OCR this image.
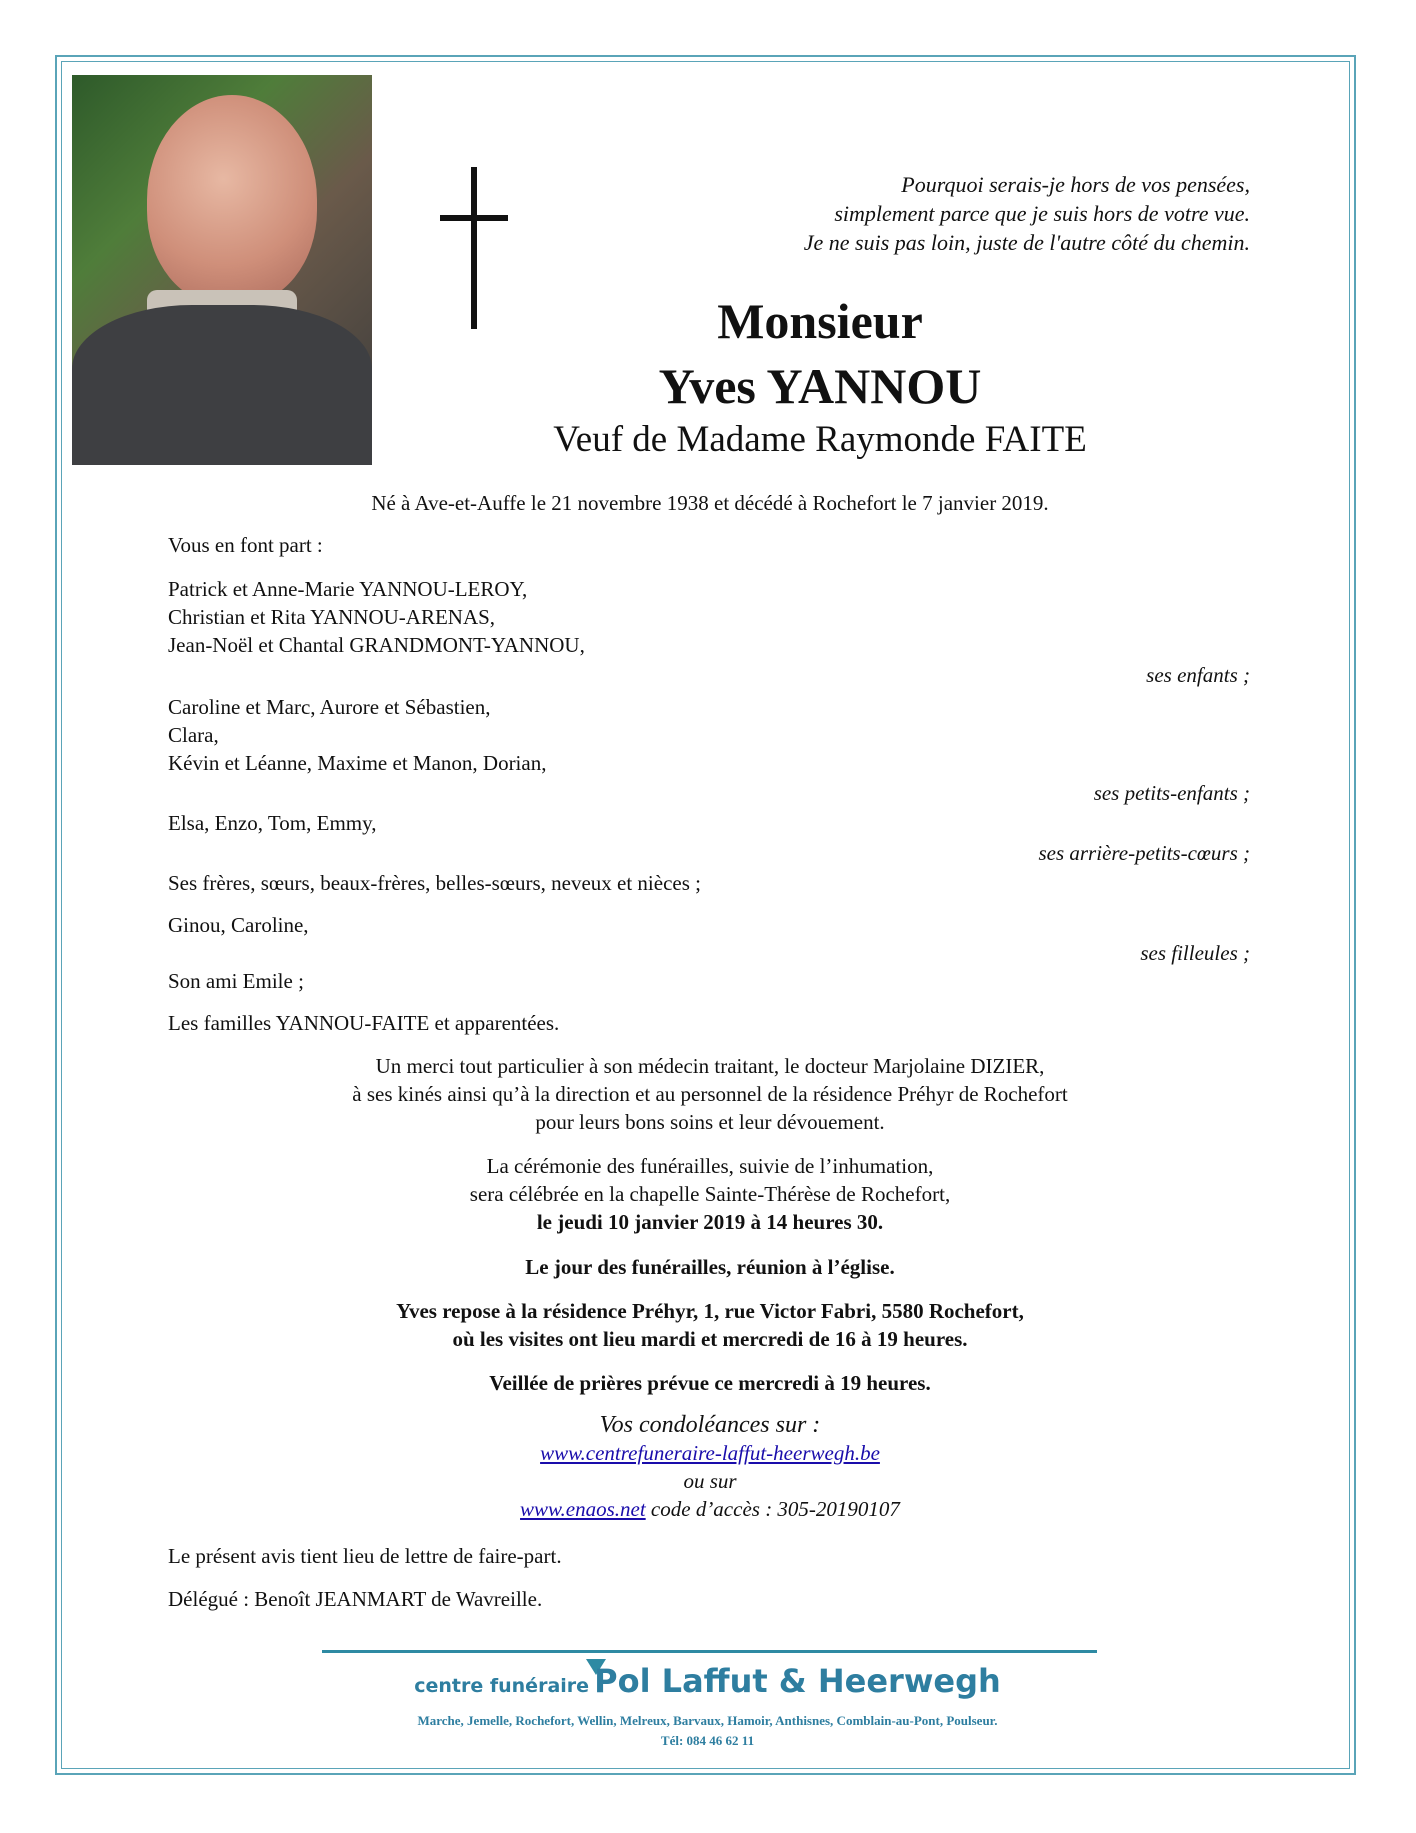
Pourquoi serais-je hors de vos pensées,
simplement parce que je suis hors de votre vue.
Je ne suis pas loin, juste de l'autre côté du chemin.
Monsieur
Yves YANNOU
Veuf de Madame Raymonde FAITE
Né à Ave-et-Auffe le 21 novembre 1938 et décédé à Rochefort le 7 janvier 2019.
Vous en font part :
Patrick et Anne-Marie YANNOU-LEROY,
Christian et Rita YANNOU-ARENAS,
Jean-Noël et Chantal GRANDMONT-YANNOU,
ses enfants ;
Caroline et Marc, Aurore et Sébastien,
Clara,
Kévin et Léanne, Maxime et Manon, Dorian,
ses petits-enfants ;
Elsa, Enzo, Tom, Emmy,
ses arrière-petits-cœurs ;
Ses frères, sœurs, beaux-frères, belles-sœurs, neveux et nièces ;
Ginou, Caroline,
ses filleules ;
Son ami Emile ;
Les familles YANNOU-FAITE et apparentées.
Un merci tout particulier à son médecin traitant, le docteur Marjolaine DIZIER,
à ses kinés ainsi qu’à la direction et au personnel de la résidence Préhyr de Rochefort
pour leurs bons soins et leur dévouement.
La cérémonie des funérailles, suivie de l’inhumation,
sera célébrée en la chapelle Sainte-Thérèse de Rochefort,
le jeudi 10 janvier 2019 à 14 heures 30.
Le jour des funérailles, réunion à l’église.
Yves repose à la résidence Préhyr, 1, rue Victor Fabri, 5580 Rochefort,
où les visites ont lieu mardi et mercredi de 16 à 19 heures.
Veillée de prières prévue ce mercredi à 19 heures.
Vos condoléances sur :
www.centrefuneraire-laffut-heerwegh.be
ou sur
www.enaos.net code d’accès : 305-20190107
Le présent avis tient lieu de lettre de faire-part.
Délégué : Benoît JEANMART de Wavreille.
centre funéraire Pol Laffut & Heerwegh
Marche, Jemelle, Rochefort, Wellin, Melreux, Barvaux, Hamoir, Anthisnes, Comblain-au-Pont, Poulseur.
Tél: 084 46 62 11
